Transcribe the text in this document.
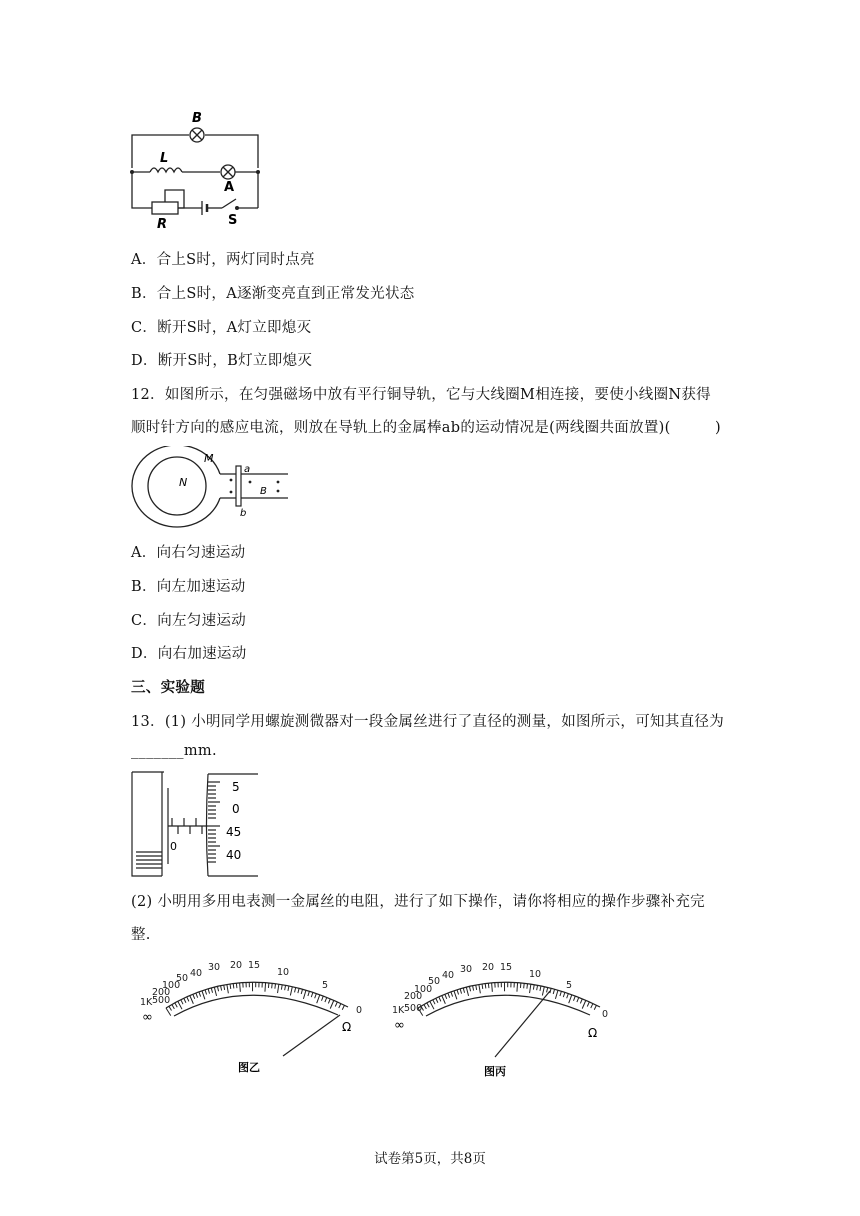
B
L
A
R	S
A．合上S时，两灯同时点亮
B．合上S时，A逐渐变亮直到正常发光状态
C．断开S时，A灯立即熄灭
D．断开S时，B灯立即熄灭
12．如图所示，在匀强磁场中放有平行铜导轨，它与大线圈M相连接，要使小线圈N获得
顺时针方向的感应电流，则放在导轨上的金属棒ab的运动情况是(两线圈共面放置)(　　　)
M
N
a
b
B
A．向右匀速运动
B．向左加速运动
C．向左匀速运动
D．向右加速运动
三、实验题
13．(1) 小明同学用螺旋测微器对一段金属丝进行了直径的测量，如图所示，可知其直径为
_______mm.
0
5
0
45
40
(2) 小明用多用电表测一金属丝的电阻，进行了如下操作，请你将相应的操作步骤补充完
整.
1K 500
200
100
50 40
30 20 15
10
5
0
∞
Ω
图乙
1K 500
200
100
50
40
30 20 15
10
5
0
∞	Ω
图丙
试卷第5页，共8页
